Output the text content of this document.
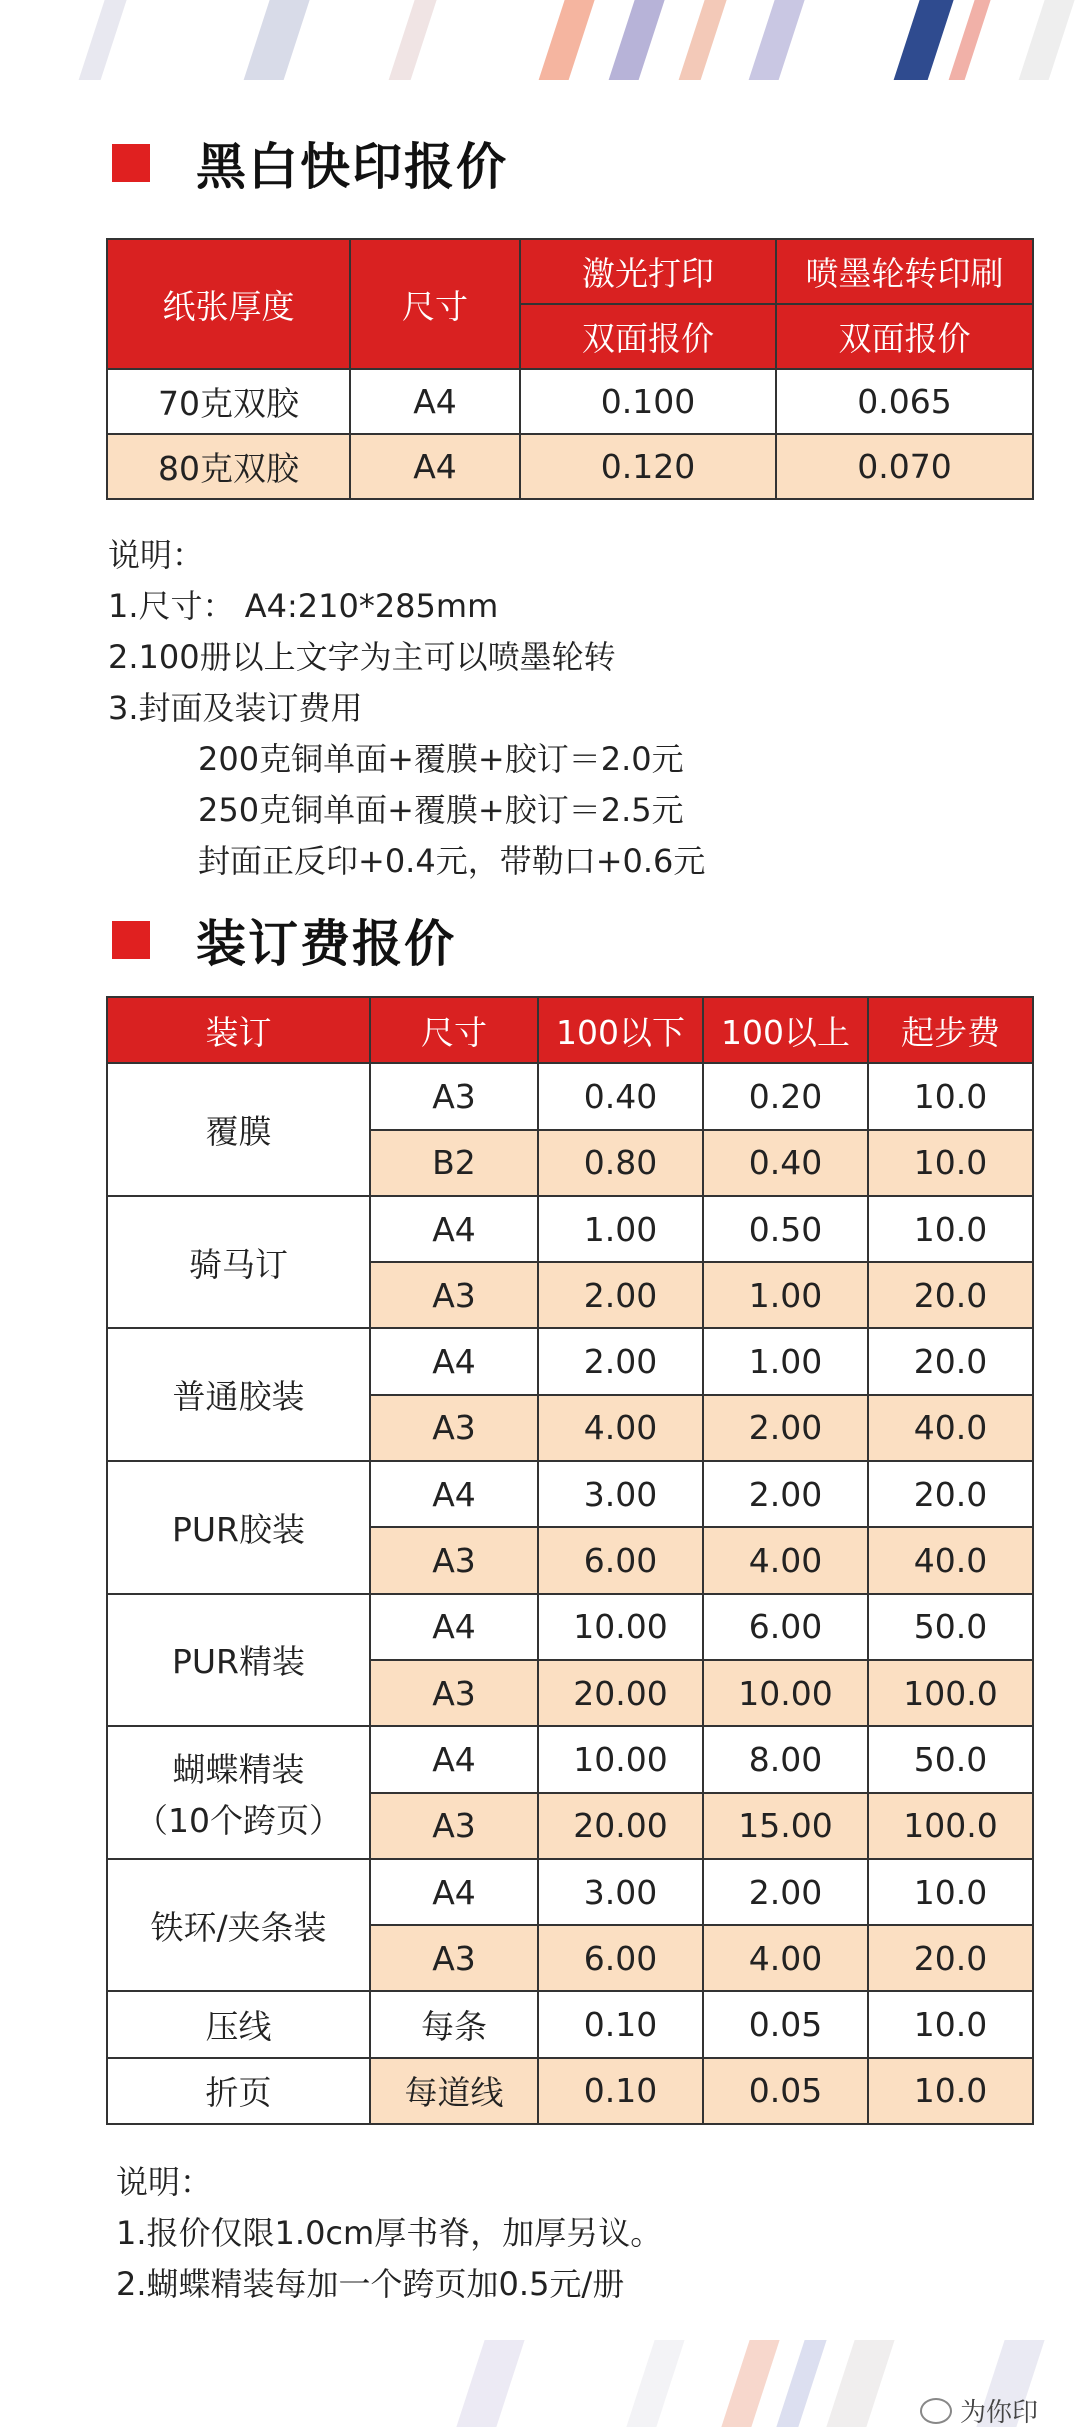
黑白快印报价
纸张厚度	尺寸	激光打印	喷墨轮转印刷
		双面报价	双面报价
70克双胶	A4	0.100	0.065
80克双胶	A4	0.120	0.070
说明：
1.尺寸： A4:210*285mm
2.100册以上文字为主可以喷墨轮转
3.封面及装订费用
200克铜单面+覆膜+胶订＝2.0元
250克铜单面+覆膜+胶订＝2.5元
封面正反印+0.4元，带勒口+0.6元
装订费报价
装订	尺寸	100以下	100以上	起步费

覆膜	A3	0.40	0.20	10.0
	B2	0.80	0.40	10.0

骑马订	A4	1.00	0.50	10.0
	A3	2.00	1.00	20.0

普通胶装	A4	2.00	1.00	20.0
	A3	4.00	2.00	40.0

PUR胶装	A4	3.00	2.00	20.0
	A3	6.00	4.00	40.0

PUR精装	A4	10.00	6.00	50.0
	A3	20.00	10.00	100.0

蝴蝶精装
（10个跨页）	A4	10.00	8.00	50.0
	A3	20.00	15.00	100.0

铁环/夹条装	A4	3.00	2.00	10.0
	A3	6.00	4.00	20.0
压线	每条	0.10	0.05	10.0
折页	每道线	0.10	0.05	10.0
说明：
1.报价仅限1.0cm厚书脊，加厚另议。
2.蝴蝶精装每加一个跨页加0.5元/册
为你印
